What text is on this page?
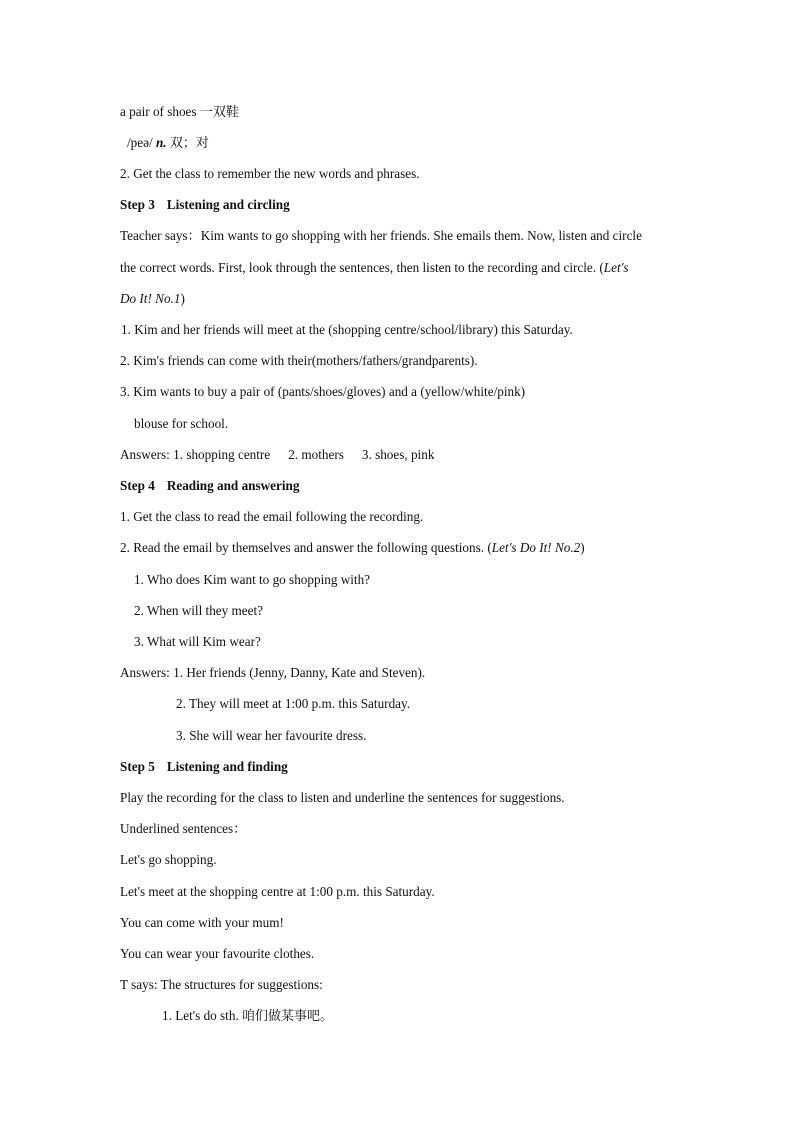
a pair of shoes 一双鞋
/peə/ n. 双；对
2. Get the class to remember the new words and phrases.
Step 3 Listening and circling
Teacher says：Kim wants to go shopping with her friends. She emails them. Now, listen and circle
the correct words. First, look through the sentences, then listen to the recording and circle. (Let's
Do It! No.1)
1. Kim and her friends will meet at the (shopping centre/school/library) this Saturday.
2. Kim's friends can come with their(mothers/fathers/grandparents).
3. Kim wants to buy a pair of (pants/shoes/gloves) and a (yellow/white/pink)
blouse for school.
Answers: 1. shopping centre 2. mothers 3. shoes, pink
Step 4 Reading and answering
1. Get the class to read the email following the recording.
2. Read the email by themselves and answer the following questions. (Let's Do It! No.2)
1. Who does Kim want to go shopping with?
2. When will they meet?
3. What will Kim wear?
Answers: 1. Her friends (Jenny, Danny, Kate and Steven).
2. They will meet at 1:00 p.m. this Saturday.
3. She will wear her favourite dress.
Step 5 Listening and finding
Play the recording for the class to listen and underline the sentences for suggestions.
Underlined sentences：
Let's go shopping.
Let's meet at the shopping centre at 1:00 p.m. this Saturday.
You can come with your mum!
You can wear your favourite clothes.
T says: The structures for suggestions:
1. Let's do sth. 咱们做某事吧。
